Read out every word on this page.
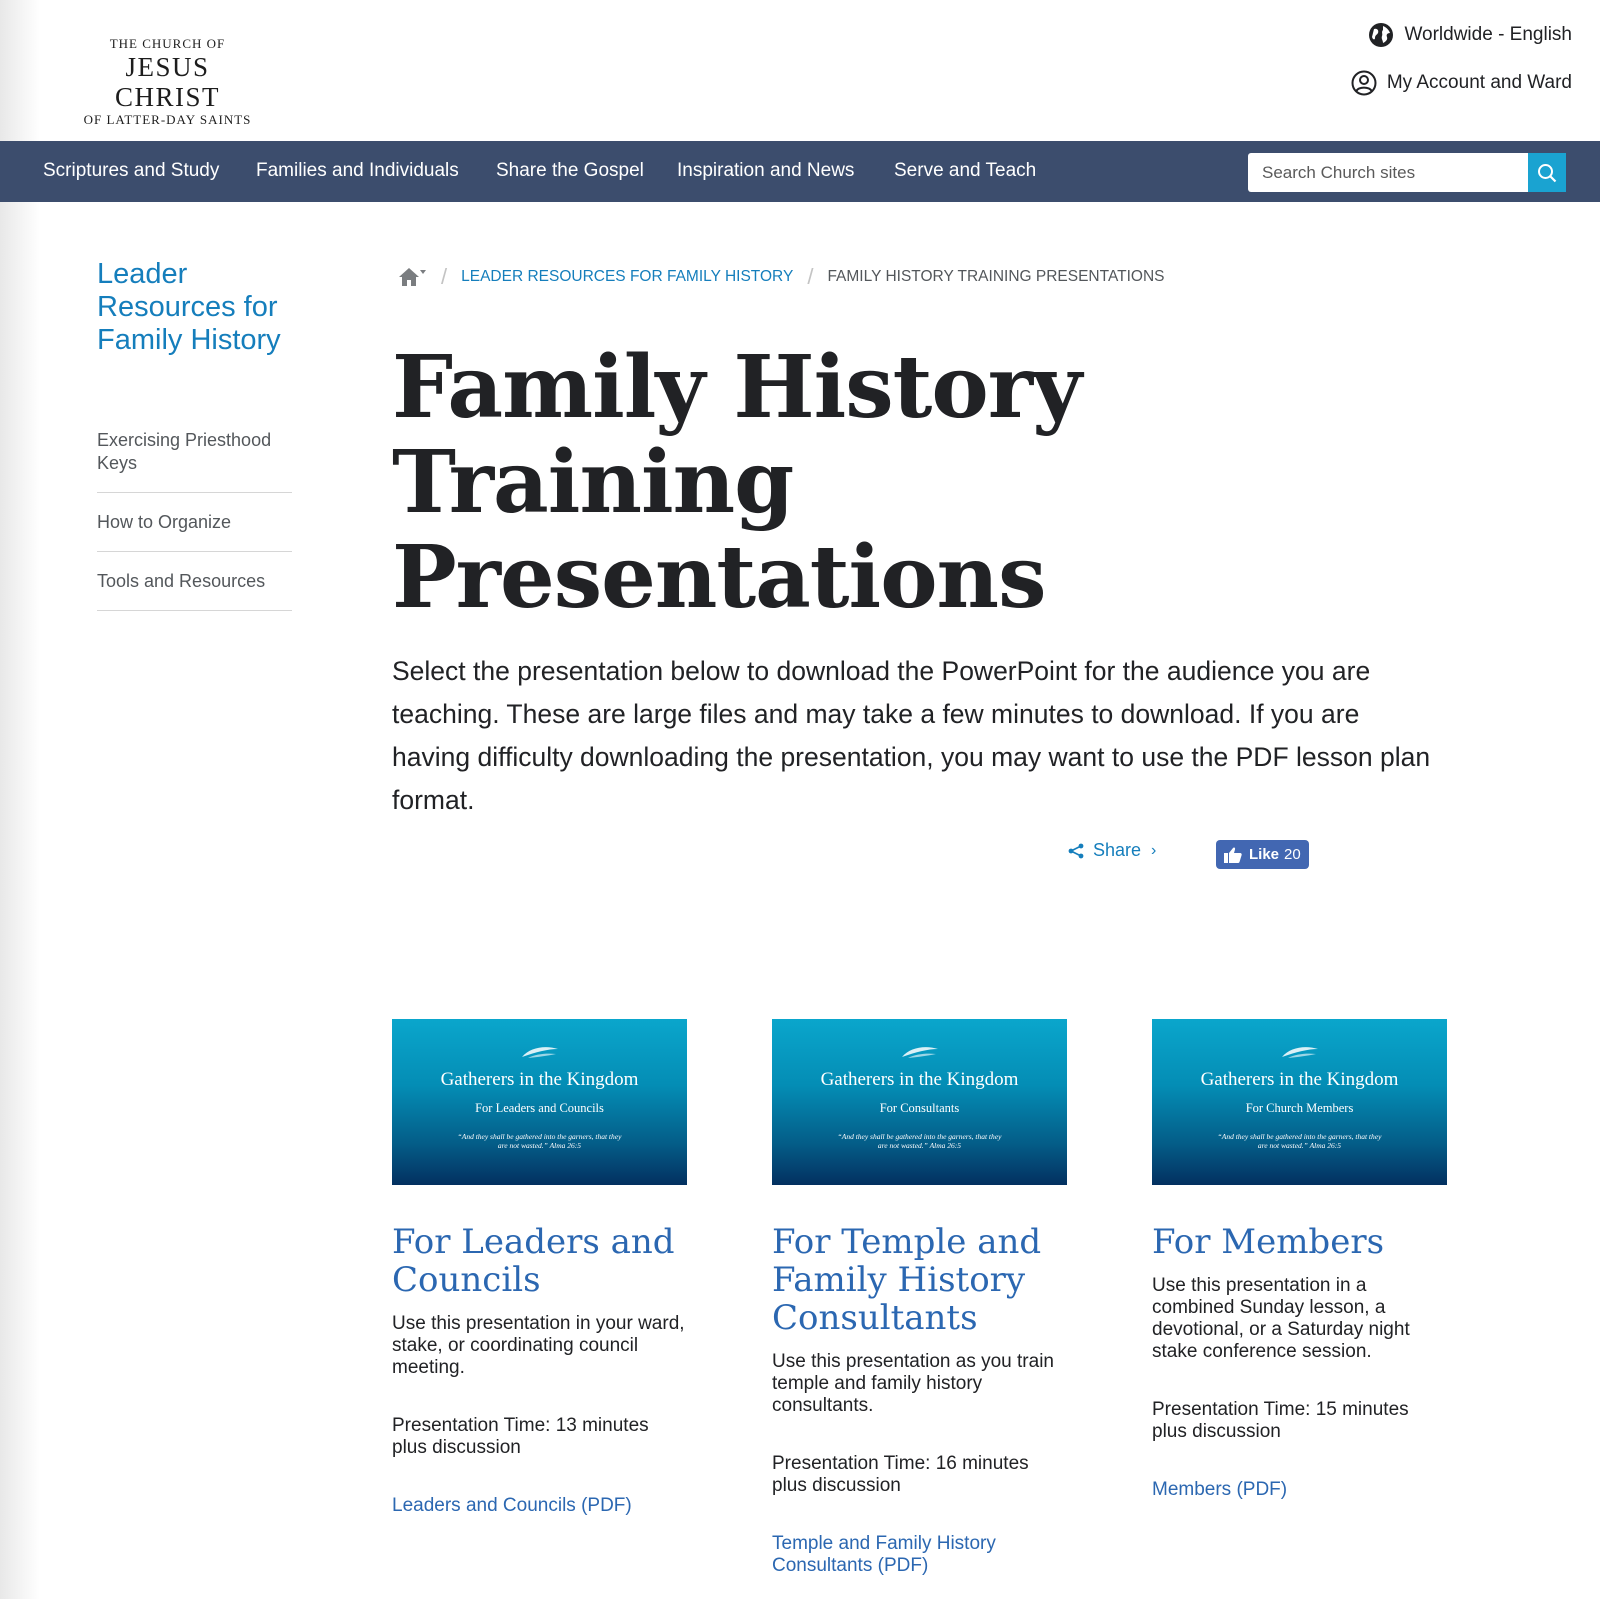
THE CHURCH OF
JESUS CHRIST
OF LATTER-DAY SAINTS
Worldwide - English
My Account and Ward
Scriptures and Study Families and Individuals Share the Gospel Inspiration and News Serve and Teach
Search Church sites
Leader Resources for Family History
Exercising Priesthood Keys
How to Organize
Tools and Resources
/ LEADER RESOURCES FOR FAMILY HISTORY / FAMILY HISTORY TRAINING PRESENTATIONS
Family History Training Presentations

Select the presentation below to download the PowerPoint for the audience you are teaching. These are large files and may take a few minutes to download. If you are having difficulty downloading the presentation, you may want to use the PDF lesson plan format.

Share ›	Like 20
Gatherers in the Kingdom
For Leaders and Councils
“And they shall be gathered into the garners, that they are not wasted.” Alma 26:5
For Leaders and Councils

Use this presentation in your ward, stake, or coordinating council meeting.

Presentation Time: 13 minutes plus discussion

Leaders and Councils (PDF)
Gatherers in the Kingdom
For Consultants
“And they shall be gathered into the garners, that they are not wasted.” Alma 26:5
For Temple and Family History Consultants

Use this presentation as you train temple and family history consultants.

Presentation Time: 16 minutes plus discussion

Temple and Family History Consultants (PDF)
Gatherers in the Kingdom
For Church Members
“And they shall be gathered into the garners, that they are not wasted.” Alma 26:5
For Members

Use this presentation in a combined Sunday lesson, a devotional, or a Saturday night stake conference session.

Presentation Time: 15 minutes plus discussion

Members (PDF)
